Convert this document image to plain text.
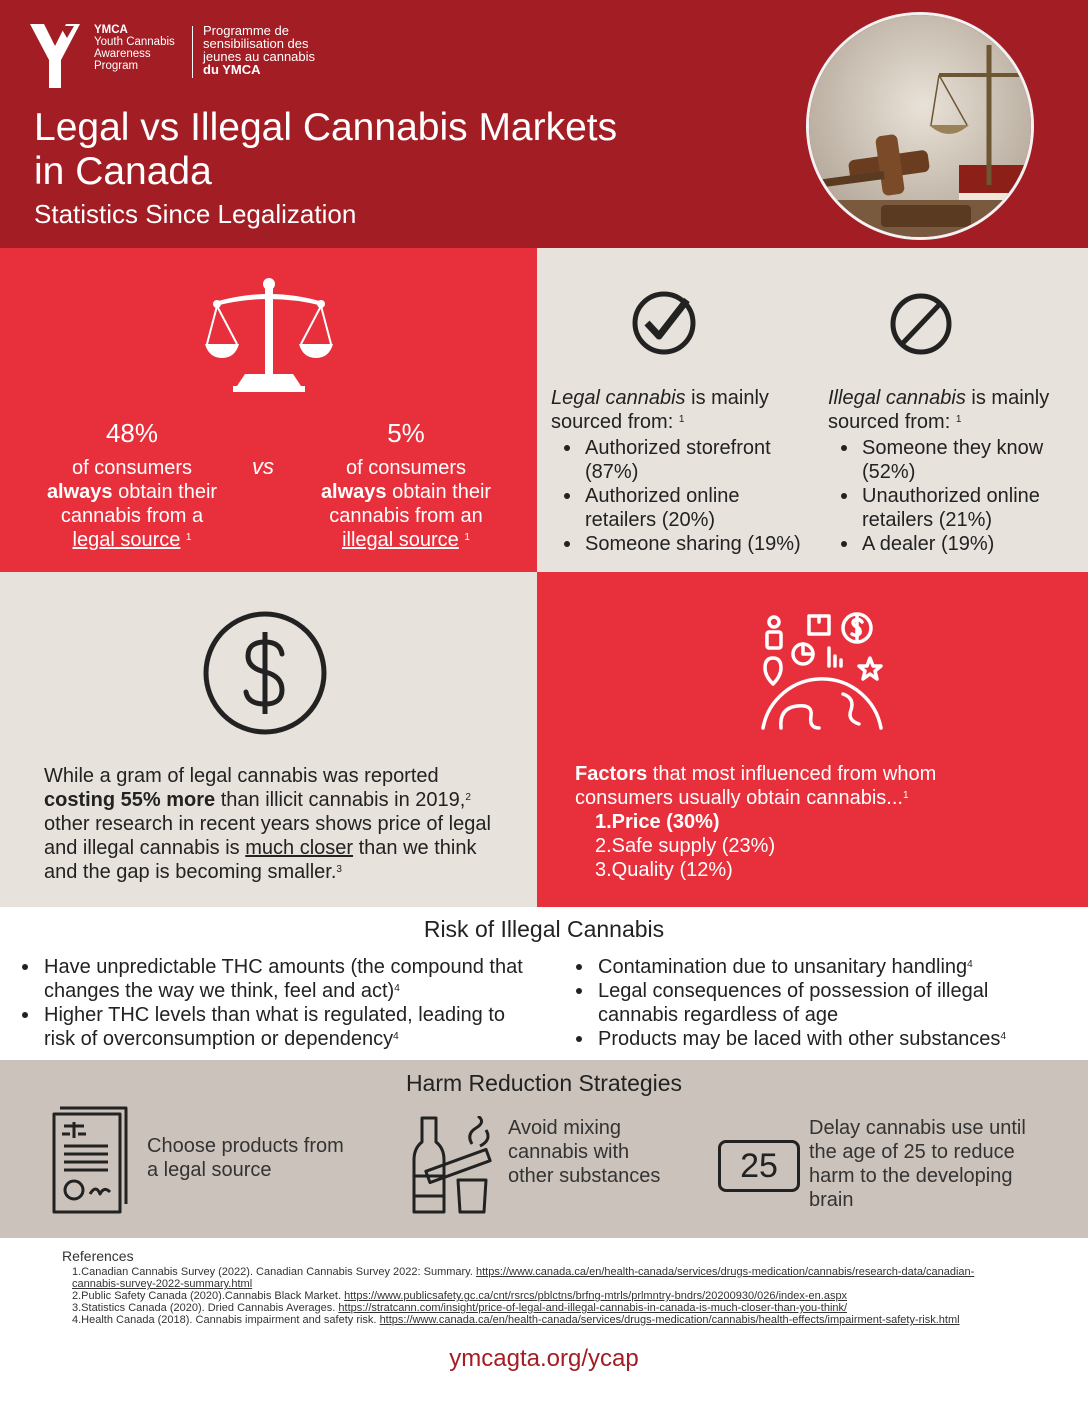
YMCA
Youth Cannabis
Awareness
Program
Programme de
sensibilisation des
jeunes au cannabis
du YMCA
Legal vs Illegal Cannabis Markets in Canada
Statistics Since Legalization
48%
of consumers
always obtain their
cannabis from a
legal source $^1$
vs
5%
of consumers
always obtain their
cannabis from an
illegal source $^1$
Legal cannabis is mainly sourced from: $^1$
Authorized storefront (87%)
Authorized online retailers (20%)
Someone sharing (19%)
Illegal cannabis is mainly sourced from: $^1$
Someone they know (52%)
Unauthorized online retailers (21%)
A dealer (19%)
While a gram of legal cannabis was reported costing 55% more than illicit cannabis in 2019,$^2$ other research in recent years shows price of legal and illegal cannabis is much closer than we think and the gap is becoming smaller.$^3$
Factors that most influenced from whom consumers usually obtain cannabis...$^1$
1.Price (30%)
2.Safe supply (23%)
3.Quality (12%)
Risk of Illegal Cannabis
Have unpredictable THC amounts (the compound that changes the way we think, feel and act)$^4$
Higher THC levels than what is regulated, leading to risk of overconsumption or dependency$^4$
Contamination due to unsanitary handling$^4$
Legal consequences of possession of illegal cannabis regardless of age
Products may be laced with other substances$^4$
Harm Reduction Strategies
Choose products from a legal source
Avoid mixing cannabis with other substances	25
Delay cannabis use until the age of 25 to reduce harm to the developing brain
References
1.Canadian Cannabis Survey (2022). Canadian Cannabis Survey 2022: Summary. https://www.canada.ca/en/health-canada/services/drugs-medication/cannabis/research-data/canadian-cannabis-survey-2022-summary.html
2.Public Safety Canada (2020).Cannabis Black Market. https://www.publicsafety.gc.ca/cnt/rsrcs/pblctns/brfng-mtrls/prlmntry-bndrs/20200930/026/index-en.aspx
3.Statistics Canada (2020). Dried Cannabis Averages. https://stratcann.com/insight/price-of-legal-and-illegal-cannabis-in-canada-is-much-closer-than-you-think/
4.Health Canada (2018). Cannabis impairment and safety risk. https://www.canada.ca/en/health-canada/services/drugs-medication/cannabis/health-effects/impairment-safety-risk.html
ymcagta.org/ycap
